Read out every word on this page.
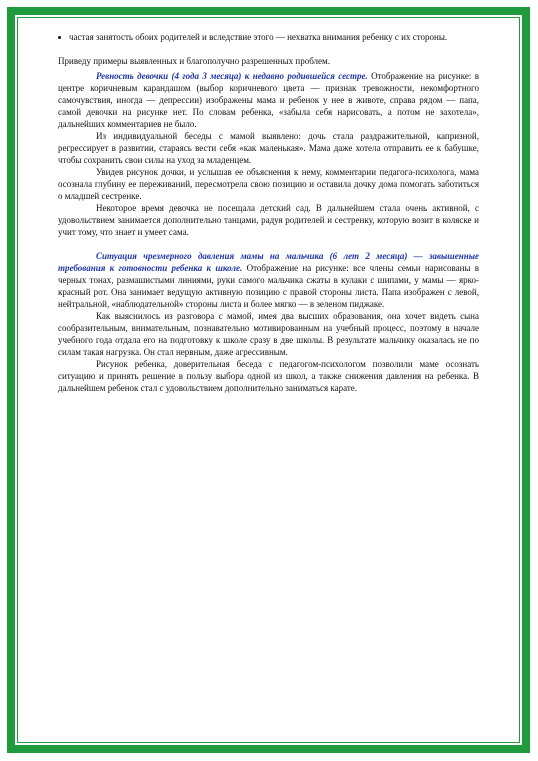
частая занятость обоих родителей и вследствие этого — нехватка внимания ребенку с их стороны.

Приведу примеры выявленных и благополучно разрешенных проблем.

Ревность девочки (4 года 3 месяца) к недавно родившейся сестре. Отображение на рисунке: в центре коричневым карандашом (выбор коричневого цвета — признак тревожности, некомфортного самочувствия, иногда — депрессии) изображены мама и ребенок у нее в животе, справа рядом — папа, самой девочки на рисунке нет. По словам ребенка, «забыла себя нарисовать, а потом не захотела», дальнейших комментариев не было.

Из индивидуальной беседы с мамой выявлено: дочь стала раздражительной, капризной, регрессирует в развитии, стараясь вести себя «как маленькая». Мама даже хотела отправить ее к бабушке, чтобы сохранить свои силы на уход за младенцем.

Увидев рисунок дочки, и услышав ее объяснения к нему, комментарии педагога-психолога, мама осознала глубину ее переживаний, пересмотрела свою позицию и оставила дочку дома помогать заботиться о младшей сестренке.

Некоторое время девочка не посещала детский сад. В дальнейшем стала очень активной, с удовольствием занимается дополнительно танцами, радуя родителей и сестренку, которую возит в коляске и учит тому, что знает и умеет сама.

Ситуация чрезмерного давления мамы на мальчика (6 лет 2 месяца) — завышенные требования к готовности ребенка к школе. Отображение на рисунке: все члены семьи нарисованы в черных тонах, размашистыми линиями, руки самого мальчика сжаты в кулаки с шипами, у мамы — ярко-красный рот. Она занимает ведущую активную позицию с правой стороны листа. Папа изображен с левой, нейтральной, «наблюдательной» стороны листа и более мягко — в зеленом пиджаке.

Как выяснилось из разговора с мамой, имея два высших образования, она хочет видеть сына сообразительным, внимательным, познавательно мотивированным на учебный процесс, поэтому в начале учебного года отдала его на подготовку к школе сразу в две школы. В результате мальчику оказалась не по силам такая нагрузка. Он стал нервным, даже агрессивным.

Рисунок ребенка, доверительная беседа с педагогом-психологом позволили маме осознать ситуацию и принять решение в пользу выбора одной из школ, а также снижения давления на ребенка. В дальнейшем ребенок стал с удовольствием дополнительно заниматься карате.
